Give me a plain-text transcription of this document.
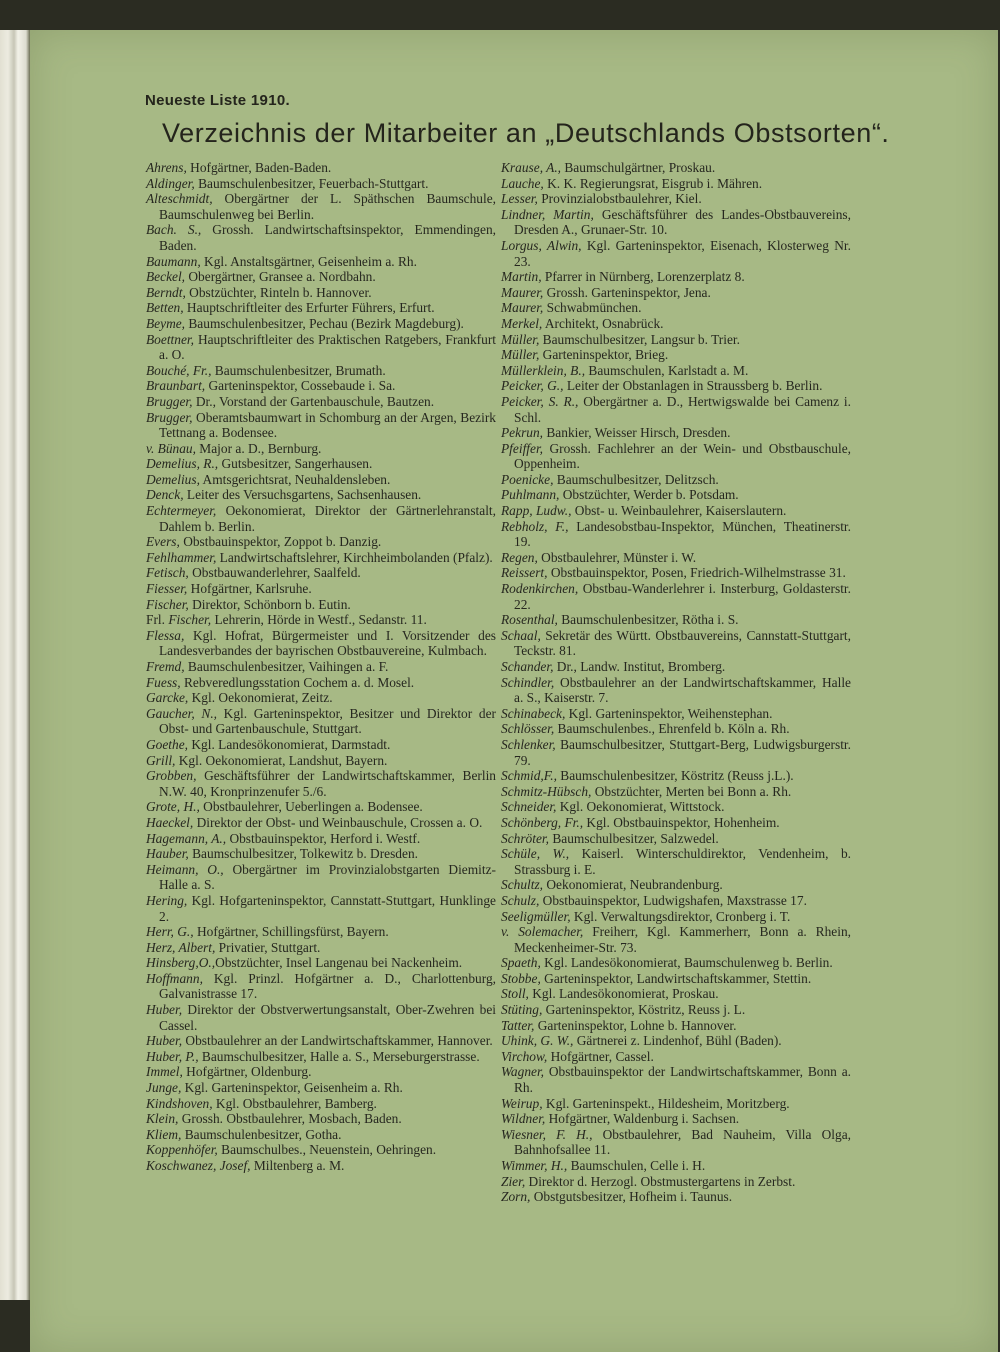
Neueste Liste 1910.
Verzeichnis der Mitarbeiter an „Deutschlands Obstsorten“.
Ahrens, Hofgärtner, Baden-Baden.
Aldinger, Baumschulenbesitzer, Feuerbach-Stuttgart.
Alteschmidt, Obergärtner der L. Späthschen Baumschule, Baumschulenweg bei Berlin.
Bach. S., Grossh. Landwirtschaftsinspektor, Emmendingen, Baden.
Baumann, Kgl. Anstaltsgärtner, Geisenheim a. Rh.
Beckel, Obergärtner, Gransee a. Nordbahn.
Berndt, Obstzüchter, Rinteln b. Hannover.
Betten, Hauptschriftleiter des Erfurter Führers, Erfurt.
Beyme, Baumschulenbesitzer, Pechau (Bezirk Magdeburg).
Boettner, Hauptschriftleiter des Praktischen Ratgebers, Frankfurt a. O.
Bouché, Fr., Baumschulenbesitzer, Brumath.
Braunbart, Garteninspektor, Cossebaude i. Sa.
Brugger, Dr., Vorstand der Gartenbauschule, Bautzen.
Brugger, Oberamtsbaumwart in Schomburg an der Argen, Bezirk Tettnang a. Bodensee.
v. Bünau, Major a. D., Bernburg.
Demelius, R., Gutsbesitzer, Sangerhausen.
Demelius, Amtsgerichtsrat, Neuhaldensleben.
Denck, Leiter des Versuchsgartens, Sachsenhausen.
Echtermeyer, Oekonomierat, Direktor der Gärtnerlehranstalt, Dahlem b. Berlin.
Evers, Obstbauinspektor, Zoppot b. Danzig.
Fehlhammer, Landwirtschaftslehrer, Kirchheimbolanden (Pfalz).
Fetisch, Obstbauwanderlehrer, Saalfeld.
Fiesser, Hofgärtner, Karlsruhe.
Fischer, Direktor, Schönborn b. Eutin.
Frl. Fischer, Lehrerin, Hörde in Westf., Sedanstr. 11.
Flessa, Kgl. Hofrat, Bürgermeister und I. Vorsitzender des Landesverbandes der bayrischen Obstbauvereine, Kulmbach.
Fremd, Baumschulenbesitzer, Vaihingen a. F.
Fuess, Rebveredlungsstation Cochem a. d. Mosel.
Garcke, Kgl. Oekonomierat, Zeitz.
Gaucher, N., Kgl. Garteninspektor, Besitzer und Direktor der Obst- und Gartenbauschule, Stuttgart.
Goethe, Kgl. Landesökonomierat, Darmstadt.
Grill, Kgl. Oekonomierat, Landshut, Bayern.
Grobben, Geschäftsführer der Landwirtschaftskammer, Berlin N.W. 40, Kronprinzenufer 5./6.
Grote, H., Obstbaulehrer, Ueberlingen a. Bodensee.
Haeckel, Direktor der Obst- und Weinbauschule, Crossen a. O.
Hagemann, A., Obstbauinspektor, Herford i. Westf.
Hauber, Baumschulbesitzer, Tolkewitz b. Dresden.
Heimann, O., Obergärtner im Provinzialobstgarten Diemitz-Halle a. S.
Hering, Kgl. Hofgarteninspektor, Cannstatt-Stuttgart, Hunklinge 2.
Herr, G., Hofgärtner, Schillingsfürst, Bayern.
Herz, Albert, Privatier, Stuttgart.
Hinsberg,O.,Obstzüchter, Insel Langenau bei Nackenheim.
Hoffmann, Kgl. Prinzl. Hofgärtner a. D., Charlottenburg, Galvanistrasse 17.
Huber, Direktor der Obstverwertungsanstalt, Ober-Zwehren bei Cassel.
Huber, Obstbaulehrer an der Landwirtschaftskammer, Hannover.
Huber, P., Baumschulbesitzer, Halle a. S., Merseburgerstrasse.
Immel, Hofgärtner, Oldenburg.
Junge, Kgl. Garteninspektor, Geisenheim a. Rh.
Kindshoven, Kgl. Obstbaulehrer, Bamberg.
Klein, Grossh. Obstbaulehrer, Mosbach, Baden.
Kliem, Baumschulenbesitzer, Gotha.
Koppenhöfer, Baumschulbes., Neuenstein, Oehringen.
Koschwanez, Josef, Miltenberg a. M.
Krause, A., Baumschulgärtner, Proskau.
Lauche, K. K. Regierungsrat, Eisgrub i. Mähren.
Lesser, Provinzialobstbaulehrer, Kiel.
Lindner, Martin, Geschäftsführer des Landes-Obstbauvereins, Dresden A., Grunaer-Str. 10.
Lorgus, Alwin, Kgl. Garteninspektor, Eisenach, Klosterweg Nr. 23.
Martin, Pfarrer in Nürnberg, Lorenzerplatz 8.
Maurer, Grossh. Garteninspektor, Jena.
Maurer, Schwabmünchen.
Merkel, Architekt, Osnabrück.
Müller, Baumschulbesitzer, Langsur b. Trier.
Müller, Garteninspektor, Brieg.
Müllerklein, B., Baumschulen, Karlstadt a. M.
Peicker, G., Leiter der Obstanlagen in Straussberg b. Berlin.
Peicker, S. R., Obergärtner a. D., Hertwigswalde bei Camenz i. Schl.
Pekrun, Bankier, Weisser Hirsch, Dresden.
Pfeiffer, Grossh. Fachlehrer an der Wein- und Obstbauschule, Oppenheim.
Poenicke, Baumschulbesitzer, Delitzsch.
Puhlmann, Obstzüchter, Werder b. Potsdam.
Rapp, Ludw., Obst- u. Weinbaulehrer, Kaiserslautern.
Rebholz, F., Landesobstbau-Inspektor, München, Theatinerstr. 19.
Regen, Obstbaulehrer, Münster i. W.
Reissert, Obstbauinspektor, Posen, Friedrich-Wilhelmstrasse 31.
Rodenkirchen, Obstbau-Wanderlehrer i. Insterburg, Goldasterstr. 22.
Rosenthal, Baumschulenbesitzer, Rötha i. S.
Schaal, Sekretär des Württ. Obstbauvereins, Cannstatt-Stuttgart, Teckstr. 81.
Schander, Dr., Landw. Institut, Bromberg.
Schindler, Obstbaulehrer an der Landwirtschaftskammer, Halle a. S., Kaiserstr. 7.
Schinabeck, Kgl. Garteninspektor, Weihenstephan.
Schlösser, Baumschulenbes., Ehrenfeld b. Köln a. Rh.
Schlenker, Baumschulbesitzer, Stuttgart-Berg, Ludwigsburgerstr. 79.
Schmid,F., Baumschulenbesitzer, Köstritz (Reuss j.L.).
Schmitz-Hübsch, Obstzüchter, Merten bei Bonn a. Rh.
Schneider, Kgl. Oekonomierat, Wittstock.
Schönberg, Fr., Kgl. Obstbauinspektor, Hohenheim.
Schröter, Baumschulbesitzer, Salzwedel.
Schüle, W., Kaiserl. Winterschuldirektor, Vendenheim, b. Strassburg i. E.
Schultz, Oekonomierat, Neubrandenburg.
Schulz, Obstbauinspektor, Ludwigshafen, Maxstrasse 17.
Seeligmüller, Kgl. Verwaltungsdirektor, Cronberg i. T.
v. Solemacher, Freiherr, Kgl. Kammerherr, Bonn a. Rhein, Meckenheimer-Str. 73.
Spaeth, Kgl. Landesökonomierat, Baumschulenweg b. Berlin.
Stobbe, Garteninspektor, Landwirtschaftskammer, Stettin.
Stoll, Kgl. Landesökonomierat, Proskau.
Stüting, Garteninspektor, Köstritz, Reuss j. L.
Tatter, Garteninspektor, Lohne b. Hannover.
Uhink, G. W., Gärtnerei z. Lindenhof, Bühl (Baden).
Virchow, Hofgärtner, Cassel.
Wagner, Obstbauinspektor der Landwirtschaftskammer, Bonn a. Rh.
Weirup, Kgl. Garteninspekt., Hildesheim, Moritzberg.
Wildner, Hofgärtner, Waldenburg i. Sachsen.
Wiesner, F. H., Obstbaulehrer, Bad Nauheim, Villa Olga, Bahnhofsallee 11.
Wimmer, H., Baumschulen, Celle i. H.
Zier, Direktor d. Herzogl. Obstmustergartens in Zerbst.
Zorn, Obstgutsbesitzer, Hofheim i. Taunus.
